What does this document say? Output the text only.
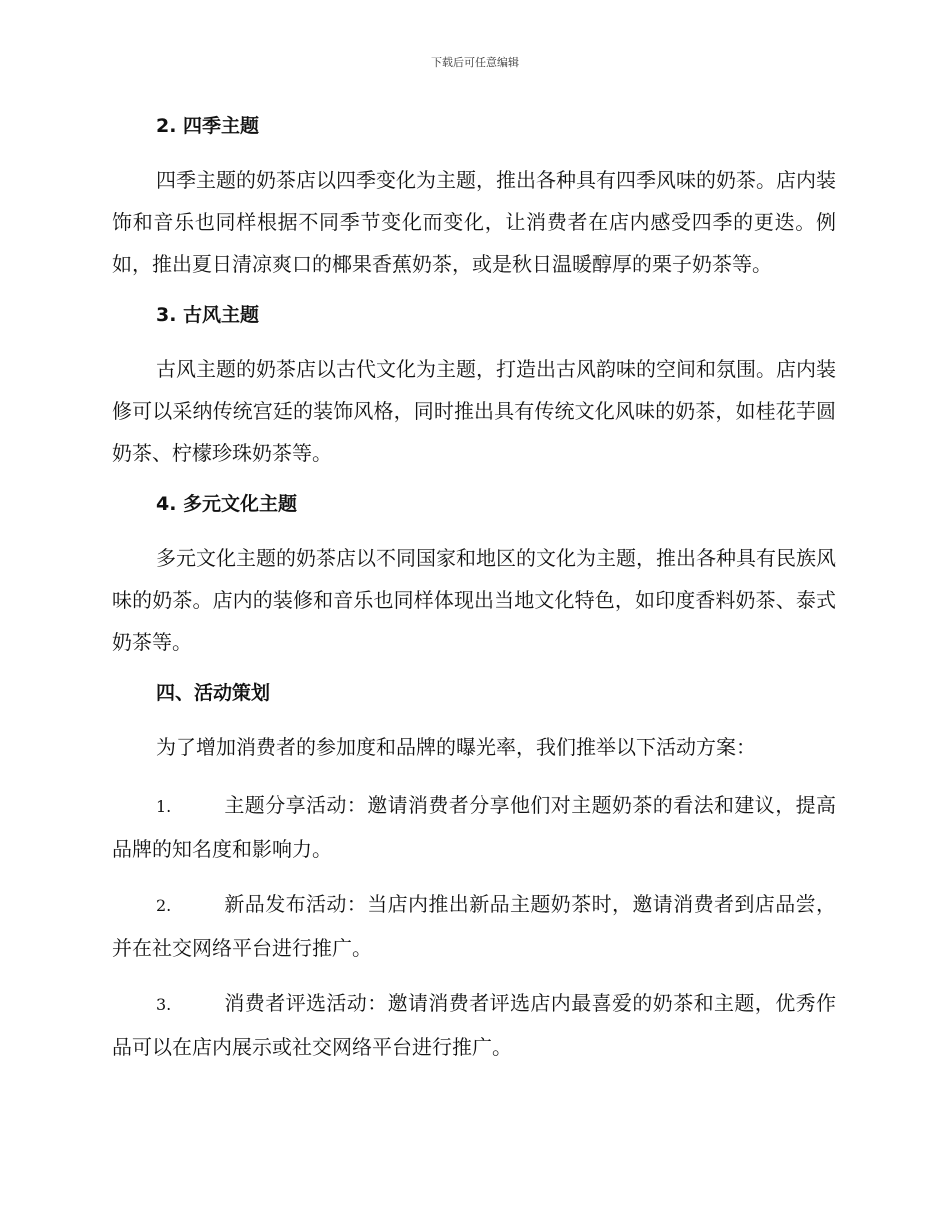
下载后可任意编辑
2. 四季主题

四季主题的奶茶店以四季变化为主题，推出各种具有四季风味的奶茶。店内装饰和音乐也同样根据不同季节变化而变化，让消费者在店内感受四季的更迭。例如，推出夏日清凉爽口的椰果香蕉奶茶，或是秋日温暖醇厚的栗子奶茶等。

3. 古风主题

古风主题的奶茶店以古代文化为主题，打造出古风韵味的空间和氛围。店内装修可以采纳传统宫廷的装饰风格，同时推出具有传统文化风味的奶茶，如桂花芋圆奶茶、柠檬珍珠奶茶等。

4. 多元文化主题

多元文化主题的奶茶店以不同国家和地区的文化为主题，推出各种具有民族风味的奶茶。店内的装修和音乐也同样体现出当地文化特色，如印度香料奶茶、泰式奶茶等。

四、活动策划

为了增加消费者的参加度和品牌的曝光率，我们推举以下活动方案：

1.	主题分享活动：邀请消费者分享他们对主题奶茶的看法和建议，提高品牌的知名度和影响力。

2.	新品发布活动：当店内推出新品主题奶茶时，邀请消费者到店品尝，并在社交网络平台进行推广。

3.	消费者评选活动：邀请消费者评选店内最喜爱的奶茶和主题，优秀作品可以在店内展示或社交网络平台进行推广。
